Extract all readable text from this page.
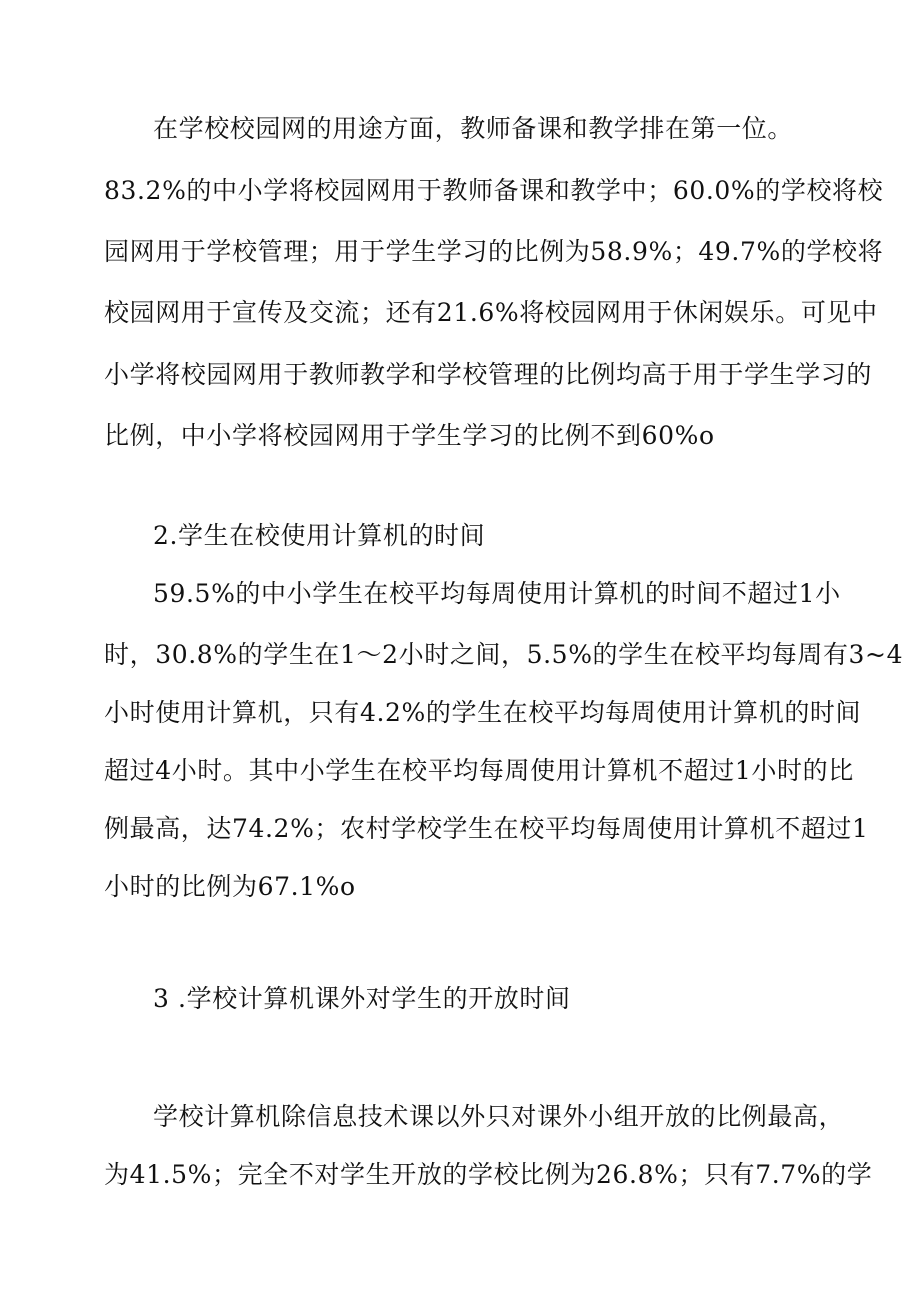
在学校校园网的用途方面，教师备课和教学排在第一位。
83.2%的中小学将校园网用于教师备课和教学中；60.0%的学校将校
园网用于学校管理；用于学生学习的比例为58.9%；49.7%的学校将
校园网用于宣传及交流；还有21.6%将校园网用于休闲娱乐。可见中
小学将校园网用于教师教学和学校管理的比例均高于用于学生学习的
比例，中小学将校园网用于学生学习的比例不到60%o
2.学生在校使用计算机的时间
59.5%的中小学生在校平均每周使用计算机的时间不超过1小
时，30.8%的学生在1～2小时之间，5.5%的学生在校平均每周有3~4
小时使用计算机，只有4.2%的学生在校平均每周使用计算机的时间
超过4小时。其中小学生在校平均每周使用计算机不超过1小时的比
例最高，达74.2%；农村学校学生在校平均每周使用计算机不超过1
小时的比例为67.1%o
3 .学校计算机课外对学生的开放时间
学校计算机除信息技术课以外只对课外小组开放的比例最高，
为41.5%；完全不对学生开放的学校比例为26.8%；只有7.7%的学
